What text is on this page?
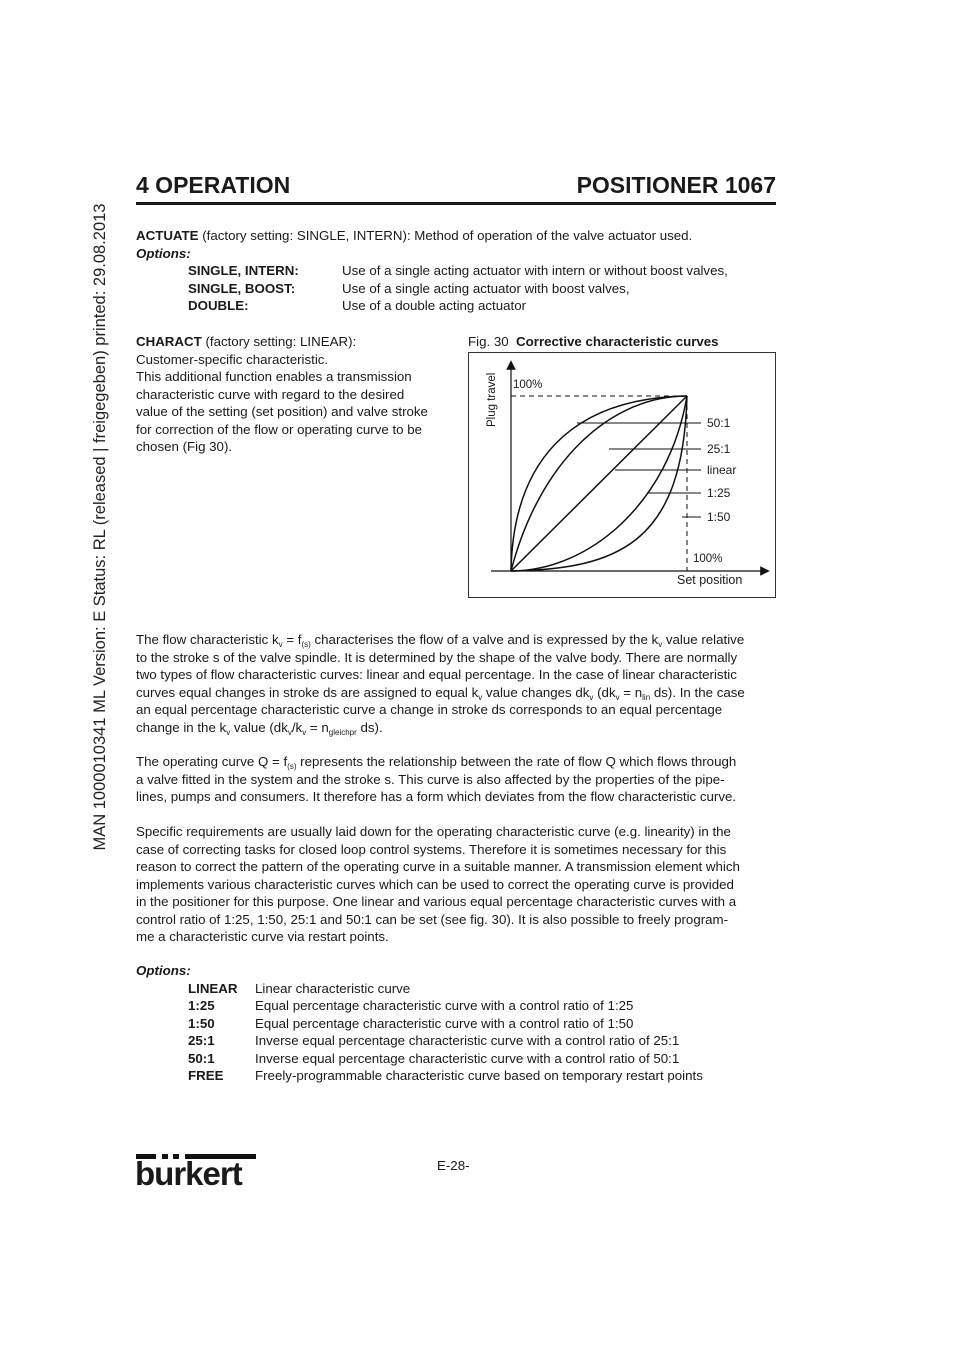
MAN 1000010341 ML Version: E Status: RL (released | freigegeben) printed: 29.08.2013
4 OPERATION	POSITIONER 1067

ACTUATE (factory setting: SINGLE, INTERN): Method of operation of the valve actuator used.

Options:

SINGLE, INTERN:	Use of a single acting actuator with intern or without boost valves,
SINGLE, BOOST:	Use of a single acting actuator with boost valves,
DOUBLE:	Use of a double acting actuator

CHARACT (factory setting: LINEAR):

Customer-specific characteristic.

This additional function enables a transmission

characteristic curve with regard to the desired

value of the setting (set position) and valve stroke

for correction of the flow or operating curve to be

chosen (Fig 30).

Fig. 30 Corrective characteristic curves
Plug travel 100%
50:1
25:1
linear
1:25
1:50
100%
Set position

The flow characteristic $k_v = f_{(s)}$ characterises the flow of a valve and is expressed by the $k_v$ value relative

to the stroke s of the valve spindle. It is determined by the shape of the valve body. There are normally

two types of flow characteristic curves: linear and equal percentage. In the case of linear characteristic

curves equal changes in stroke ds are assigned to equal $k_v$ value changes $dk_v$ ($dk_v = n_{lin}$ ds). In the case

an equal percentage characteristic curve a change in stroke ds corresponds to an equal percentage

change in the $k_v$ value ($dk_v/k_v = n_{gleichpr}$ ds).

The operating curve $Q = f_{(s)}$ represents the relationship between the rate of flow Q which flows through

a valve fitted in the system and the stroke s. This curve is also affected by the properties of the pipe-

lines, pumps and consumers. It therefore has a form which deviates from the flow characteristic curve.

Specific requirements are usually laid down for the operating characteristic curve (e.g. linearity) in the

case of correcting tasks for closed loop control systems. Therefore it is sometimes necessary for this

reason to correct the pattern of the operating curve in a suitable manner. A transmission element which

implements various characteristic curves which can be used to correct the operating curve is provided

in the positioner for this purpose. One linear and various equal percentage characteristic curves with a

control ratio of 1:25, 1:50, 25:1 and 50:1 can be set (see fig. 30). It is also possible to freely program-

me a characteristic curve via restart points.

Options:

LINEAR	Linear characteristic curve
1:25	Equal percentage characteristic curve with a control ratio of 1:25
1:50	Equal percentage characteristic curve with a control ratio of 1:50
25:1	Inverse equal percentage characteristic curve with a control ratio of 25:1
50:1	Inverse equal percentage characteristic curve with a control ratio of 50:1
FREE	Freely-programmable characteristic curve based on temporary restart points
burkert	E-28-
